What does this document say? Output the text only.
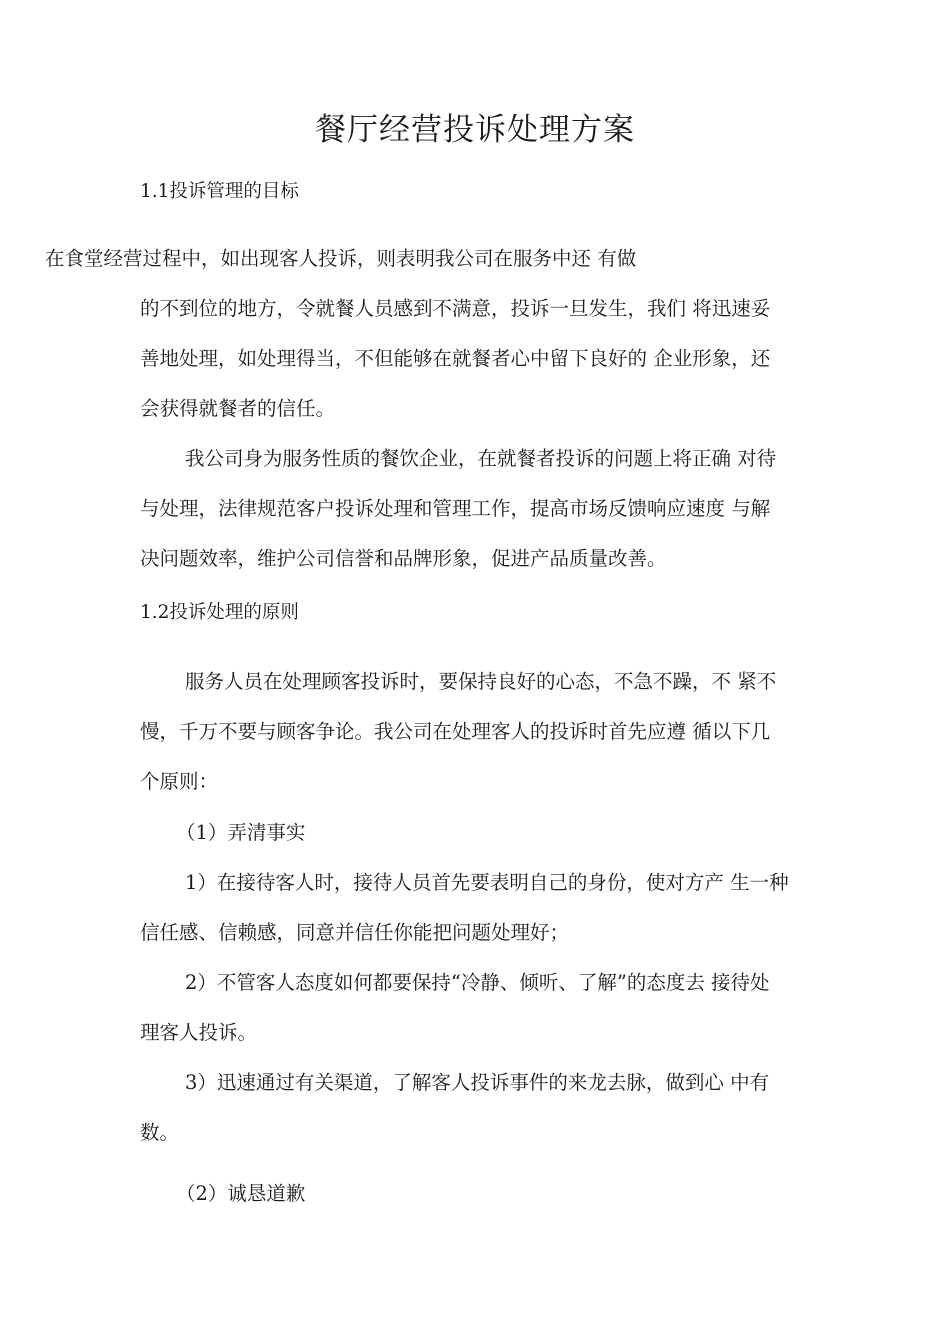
餐厅经营投诉处理方案
1.1投诉管理的目标

在食堂经营过程中，如出现客人投诉，则表明我公司在服务中还 有做

的不到位的地方，令就餐人员感到不满意，投诉一旦发生，我们 将迅速妥

善地处理，如处理得当，不但能够在就餐者心中留下良好的 企业形象，还

会获得就餐者的信任。

我公司身为服务性质的餐饮企业，在就餐者投诉的问题上将正确 对待

与处理，法律规范客户投诉处理和管理工作，提高市场反馈响应速度 与解

决问题效率，维护公司信誉和品牌形象，促进产品质量改善。

1.2投诉处理的原则

服务人员在处理顾客投诉时，要保持良好的心态，不急不躁，不 紧不

慢，千万不要与顾客争论。我公司在处理客人的投诉时首先应遵 循以下几

个原则：

（1）弄清事实

1）在接待客人时，接待人员首先要表明自己的身份，使对方产 生一种

信任感、信赖感，同意并信任你能把问题处理好；

2）不管客人态度如何都要保持“冷静、倾听、了解”的态度去 接待处

理客人投诉。

3）迅速通过有关渠道，了解客人投诉事件的来龙去脉，做到心 中有

数。

（2）诚恳道歉
